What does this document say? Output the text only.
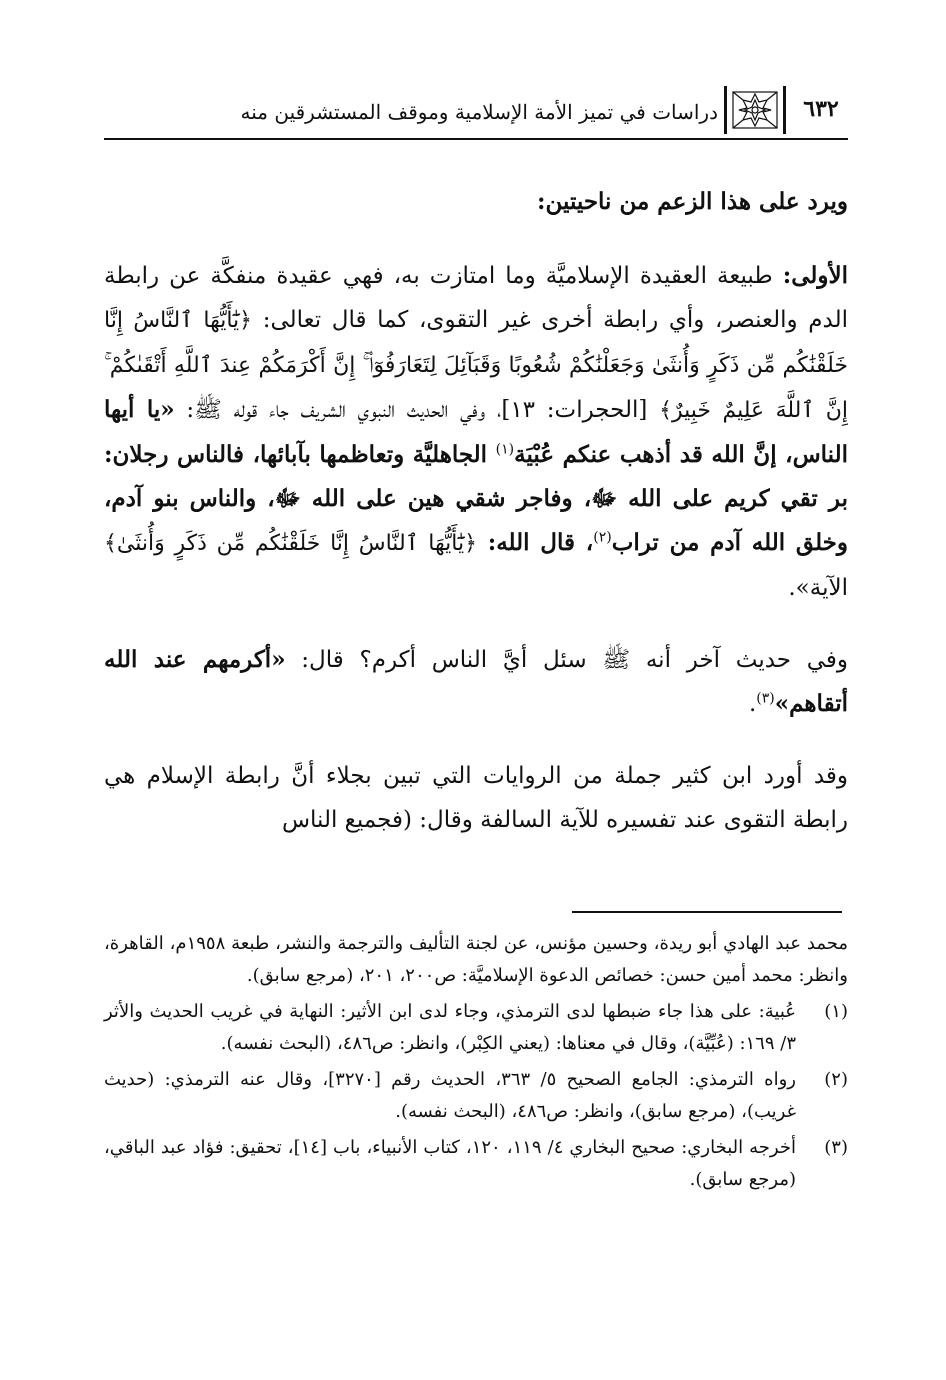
٦٣٢
دراسات في تميز الأمة الإسلامية وموقف المستشرقين منه

ويرد على هذا الزعم من ناحيتين:

الأولى: طبيعة العقيدة الإسلاميَّة وما امتازت به، فهي عقيدة منفكَّة عن رابطة الدم والعنصر، وأي رابطة أخرى غير التقوى، كما قال تعالى: ﴿يَٰٓأَيُّهَا ٱلنَّاسُ إِنَّا خَلَقْنَٰكُم مِّن ذَكَرٍ وَأُنثَىٰ وَجَعَلْنَٰكُمْ شُعُوبًا وَقَبَآئِلَ لِتَعَارَفُوٓا۟ ۚ إِنَّ أَكْرَمَكُمْ عِندَ ٱللَّهِ أَتْقَىٰكُمْ ۚ إِنَّ ٱللَّهَ عَلِيمٌ خَبِيرٌ﴾ [الحجرات: ١٣]، وفي الحديث النبوي الشريف جاء قوله ﷺ: «يا أيها الناس، إنَّ الله قد أذهب عنكم عُبْيَة$^{(١)}$ الجاهليَّة وتعاظمها بآبائها، فالناس رجلان: بر تقي كريم على الله ﷻ، وفاجر شقي هين على الله ﷻ، والناس بنو آدم، وخلق الله آدم من تراب$^{(٢)}$، قال الله: ﴿يَٰٓأَيُّهَا ٱلنَّاسُ إِنَّا خَلَقْنَٰكُم مِّن ذَكَرٍ وَأُنثَىٰ﴾ الآية».

وفي حديث آخر أنه ﷺ سئل أيَّ الناس أكرم؟ قال: «أكرمهم عند الله أتقاهم»$^{(٣)}$.

وقد أورد ابن كثير جملة من الروايات التي تبين بجلاء أنَّ رابطة الإسلام هي رابطة التقوى عند تفسيره للآية السالفة وقال: (فجميع الناس

محمد عبد الهادي أبو ريدة، وحسين مؤنس، عن لجنة التأليف والترجمة والنشر، طبعة ١٩٥٨م، القاهرة، وانظر: محمد أمين حسن: خصائص الدعوة الإسلاميَّة: ص٢٠٠، ٢٠١، (مرجع سابق).
(١)
عُبية: على هذا جاء ضبطها لدى الترمذي، وجاء لدى ابن الأثير: النهاية في غريب الحديث والأثر ٣/ ١٦٩: (عُبِّيَّة)، وقال في معناها: (يعني الكِبْر)، وانظر: ص٤٨٦، (البحث نفسه).
(٢)
رواه الترمذي: الجامع الصحيح ٥/ ٣٦٣، الحديث رقم [٣٢٧٠]، وقال عنه الترمذي: (حديث غريب)، (مرجع سابق)، وانظر: ص٤٨٦، (البحث نفسه).
(٣)
أخرجه البخاري: صحيح البخاري ٤/ ١١٩، ١٢٠، كتاب الأنبياء، باب [١٤]، تحقيق: فؤاد عبد الباقي، (مرجع سابق).
